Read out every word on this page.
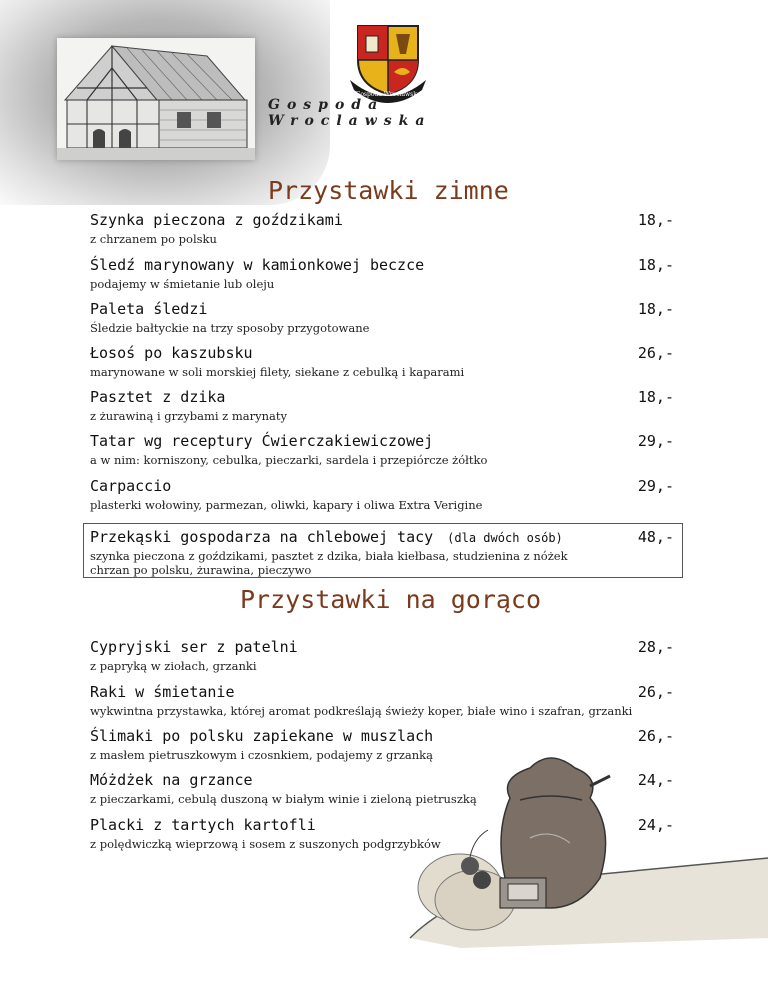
Gospoda Wroclawska
Gospoda Wroclawska
Przystawki zimne
Szynka pieczona z goździkami
z chrzanem po polsku
18,-
Śledź marynowany w kamionkowej beczce
podajemy w śmietanie lub oleju
18,-
Paleta śledzi
Śledzie bałtyckie na trzy sposoby przygotowane
18,-
Łosoś po kaszubsku
marynowane w soli morskiej filety, siekane z cebulką i kaparami
26,-
Pasztet z dzika
z żurawiną i grzybami z marynaty
18,-
Tatar wg receptury Ćwierczakiewiczowej
a w nim: korniszony, cebulka, pieczarki, sardela i przepiórcze żółtko
29,-
Carpaccio
plasterki wołowiny, parmezan, oliwki, kapary i oliwa Extra Verigine
29,-
Przekąski gospodarza na chlebowej tacy (dla dwóch osób)
szynka pieczona z goździkami, pasztet z dzika, biała kiełbasa, studzienina z nóżek
chrzan po polsku, żurawina, pieczywo
48,-
Przystawki na gorąco
Cypryjski ser z patelni
z papryką w ziołach, grzanki
28,-
Raki w śmietanie
wykwintna przystawka, której aromat podkreślają świeży koper, białe wino i szafran, grzanki
26,-
Ślimaki po polsku zapiekane w muszlach
z masłem pietruszkowym i czosnkiem, podajemy z grzanką
26,-
Móżdżek na grzance
z pieczarkami, cebulą duszoną w białym winie i zieloną pietruszką
24,-
Placki z tartych kartofli
z polędwiczką wieprzową i sosem z suszonych podgrzybków
24,-
